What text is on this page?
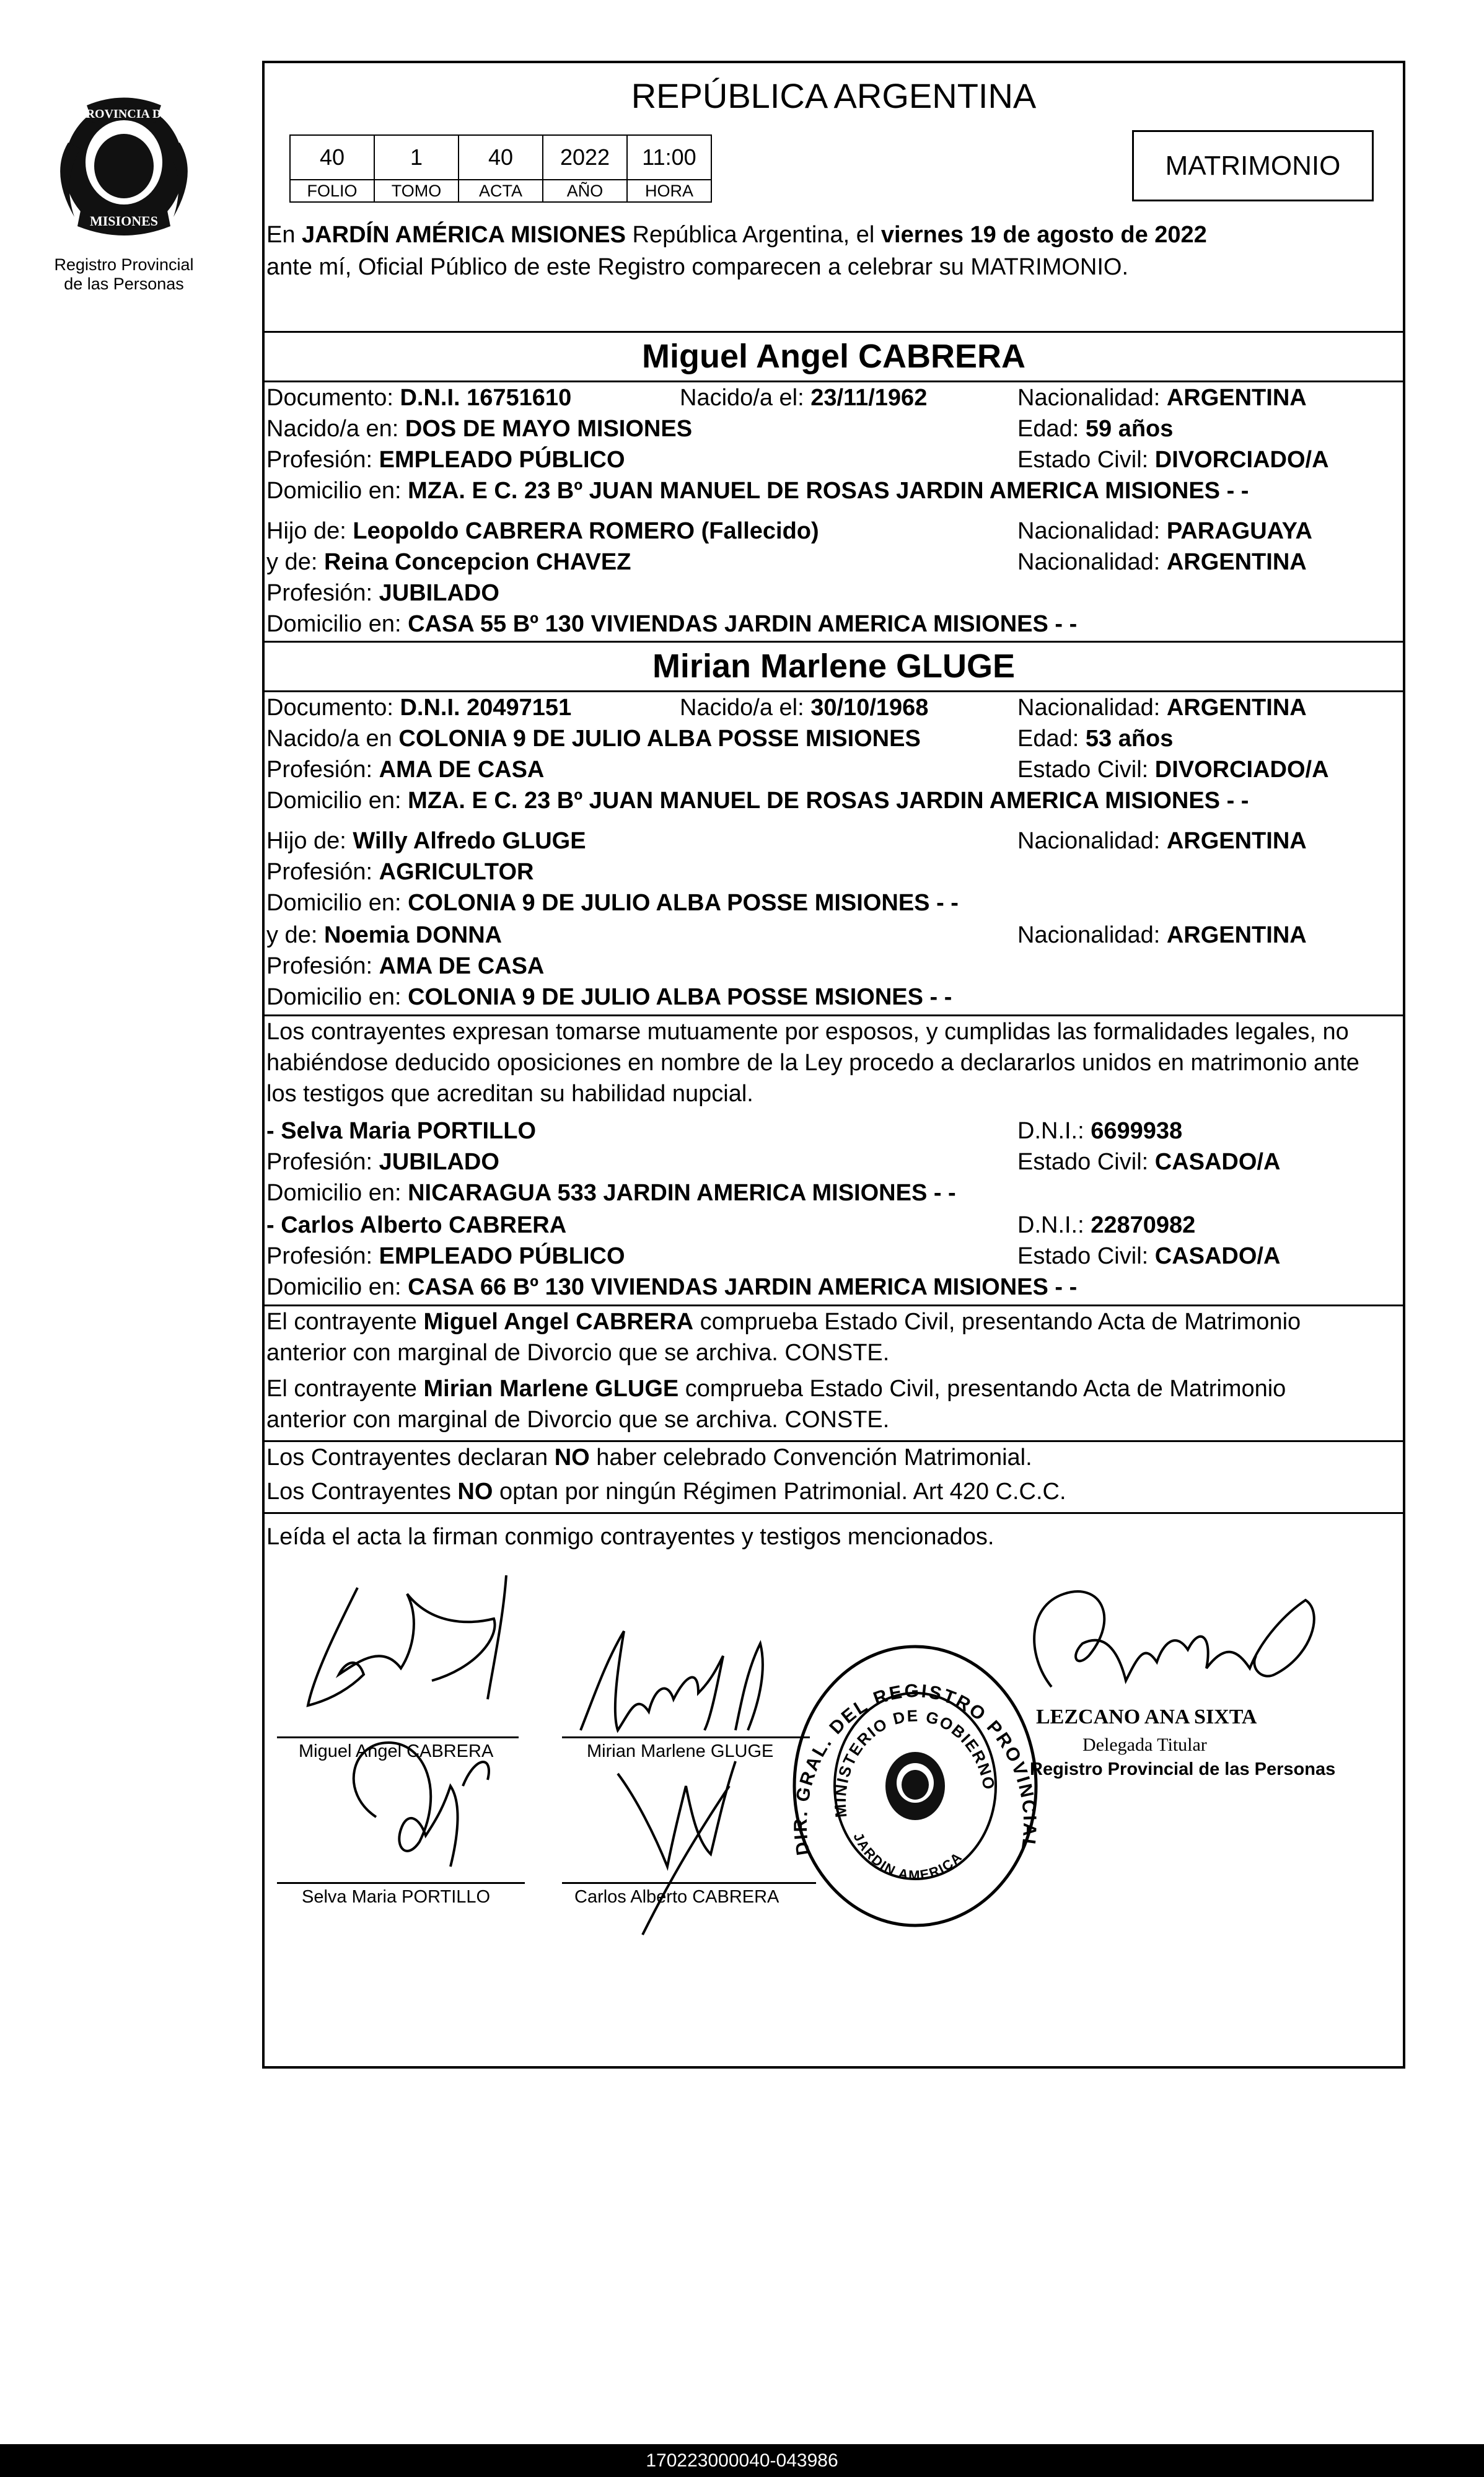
PROVINCIA DE
MISIONES
Registro Provincial
de las Personas
REPÚBLICA ARGENTINA
40	1	40	2022	11:00
FOLIO	TOMO	ACTA	AÑO	HORA
MATRIMONIO
En JARDÍN AMÉRICA MISIONES República Argentina, el viernes 19 de agosto de 2022
ante mí, Oficial Público de este Registro comparecen a celebrar su MATRIMONIO.
Miguel Angel CABRERA
Documento: D.N.I. 16751610	Nacido/a el: 23/11/1962	Nacionalidad: ARGENTINA
Nacido/a en: DOS DE MAYO MISIONES	Edad: 59 años
Profesión: EMPLEADO PÚBLICO	Estado Civil: DIVORCIADO/A
Domicilio en: MZA. E C. 23 Bº JUAN MANUEL DE ROSAS JARDIN AMERICA MISIONES - -
Hijo de: Leopoldo CABRERA ROMERO (Fallecido)	Nacionalidad: PARAGUAYA
y de: Reina Concepcion CHAVEZ	Nacionalidad: ARGENTINA
Profesión: JUBILADO
Domicilio en: CASA 55 Bº 130 VIVIENDAS JARDIN AMERICA MISIONES - -
Mirian Marlene GLUGE
Documento: D.N.I. 20497151	Nacido/a el: 30/10/1968	Nacionalidad: ARGENTINA
Nacido/a en COLONIA 9 DE JULIO ALBA POSSE MISIONES	Edad: 53 años
Profesión: AMA DE CASA	Estado Civil: DIVORCIADO/A
Domicilio en: MZA. E C. 23 Bº JUAN MANUEL DE ROSAS JARDIN AMERICA MISIONES - -
Hijo de: Willy Alfredo GLUGE	Nacionalidad: ARGENTINA
Profesión: AGRICULTOR
Domicilio en: COLONIA 9 DE JULIO ALBA POSSE MISIONES - -
y de: Noemia DONNA	Nacionalidad: ARGENTINA
Profesión: AMA DE CASA
Domicilio en: COLONIA 9 DE JULIO ALBA POSSE MSIONES - -
Los contrayentes expresan tomarse mutuamente por esposos, y cumplidas las formalidades legales, no
habiéndose deducido oposiciones en nombre de la Ley procedo a declararlos unidos en matrimonio ante
los testigos que acreditan su habilidad nupcial.
- Selva Maria PORTILLO	D.N.I.: 6699938
Profesión: JUBILADO	Estado Civil: CASADO/A
Domicilio en: NICARAGUA 533 JARDIN AMERICA MISIONES - -
- Carlos Alberto CABRERA	D.N.I.: 22870982
Profesión: EMPLEADO PÚBLICO	Estado Civil: CASADO/A
Domicilio en: CASA 66 Bº 130 VIVIENDAS JARDIN AMERICA MISIONES - -
El contrayente Miguel Angel CABRERA comprueba Estado Civil, presentando Acta de Matrimonio
anterior con marginal de Divorcio que se archiva. CONSTE.
El contrayente Mirian Marlene GLUGE comprueba Estado Civil, presentando Acta de Matrimonio
anterior con marginal de Divorcio que se archiva. CONSTE.
Los Contrayentes declaran NO haber celebrado Convención Matrimonial.
Los Contrayentes NO optan por ningún Régimen Patrimonial. Art 420 C.C.C.
Leída el acta la firman conmigo contrayentes y testigos mencionados.
Miguel Angel CABRERA	Mirian Marlene GLUGE
Selva Maria PORTILLO	Carlos Alberto CABRERA
DIR. GRAL. DEL REGISTRO PROVINCIAL DE LAS PERSONAS
MINISTERIO DE GOBIERNO
JARDIN AMERICA
LEZCANO ANA SIXTA
Delegada Titular
Registro Provincial de las Personas
170223000040-043986
